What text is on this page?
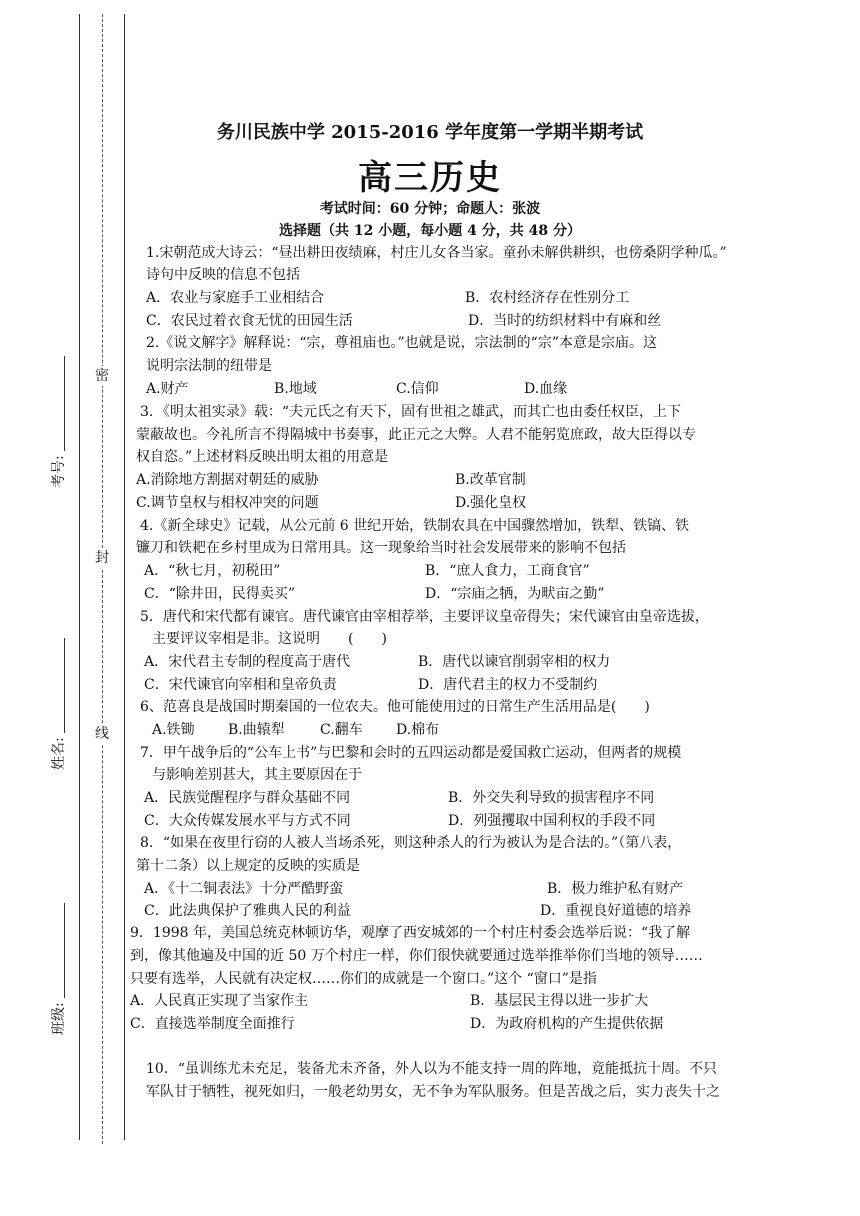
密
封
线
考号:
姓名:
班级:
务川民族中学 2015-2016 学年度第一学期半期考试
高三历史
考试时间：60 分钟；命题人：张波
选择题（共 12 小题，每小题 4 分，共 48 分）
1.宋朝范成大诗云：“昼出耕田夜绩麻，村庄儿女各当家。童孙未解供耕织，也傍桑阴学种瓜。”
诗句中反映的信息不包括
A．农业与家庭手工业相结合	B．农村经济存在性别分工
C．农民过着衣食无忧的田园生活	D．当时的纺织材料中有麻和丝
2.《说文解字》解释说：“宗，尊祖庙也。”也就是说，宗法制的“宗”本意是宗庙。这
说明宗法制的纽带是
A.财产	B.地域	C.信仰	D.血缘
3．《明太祖实录》载：“夫元氏之有天下，固有世祖之雄武，而其亡也由委任权臣，上下
蒙蔽故也。今礼所言不得隔城中书奏事，此正元之大弊。人君不能躬览庶政，故大臣得以专
权自恣。”上述材料反映出明太祖的用意是
A.消除地方割据对朝廷的威胁	B.改革官制
C.调节皇权与相权冲突的问题	D.强化皇权
4.《新全球史》记载，从公元前 6 世纪开始，铁制农具在中国骤然增加，铁犁、铁镐、铁
镰刀和铁耙在乡村里成为日常用具。这一现象给当时社会发展带来的影响不包括
A．“秋七月，初税田”	B．“庶人食力，工商食官”
C．“除井田，民得卖买”	D．“宗庙之牺，为畎亩之勤”
5．唐代和宋代都有谏官。唐代谏官由宰相荐举，主要评议皇帝得失；宋代谏官由皇帝选拔，
主要评议宰相是非。这说明　　(　　)
A．宋代君主专制的程度高于唐代	B．唐代以谏官削弱宰相的权力
C．宋代谏官向宰相和皇帝负责	D．唐代君主的权力不受制约
6、范喜良是战国时期秦国的一位农夫。他可能使用过的日常生产生活用品是(　　)
A.铁锄 B.曲辕犁	C.翻车 D.棉布
7．甲午战争后的“公车上书”与巴黎和会时的五四运动都是爱国救亡运动，但两者的规模
与影响差别甚大，其主要原因在于
A．民族觉醒程序与群众基础不同	B．外交失利导致的损害程序不同
C．大众传媒发展水平与方式不同	D．列强攫取中国利权的手段不同
8．“如果在夜里行窃的人被人当场杀死，则这种杀人的行为被认为是合法的。”（第八表，
第十二条）以上规定的反映的实质是
A．《十二铜表法》十分严酷野蛮	B．极力维护私有财产
C．此法典保护了雅典人民的利益	D．重视良好道德的培养
9．1998 年，美国总统克林顿访华，观摩了西安城郊的一个村庄村委会选举后说：“我了解
到，像其他遍及中国的近 50 万个村庄一样，你们很快就要通过选举推举你们当地的领导……
只要有选举，人民就有决定权……你们的成就是一个窗口。”这个 “窗口”是指
A．人民真正实现了当家作主	B．基层民主得以进一步扩大
C．直接选举制度全面推行	D．为政府机构的产生提供依据
10．“虽训练尤未充足，装备尤未齐备，外人以为不能支持一周的阵地，竟能抵抗十周。不只
军队甘于牺牲，视死如归，一般老幼男女，无不争为军队服务。但是苦战之后，实力丧失十之
